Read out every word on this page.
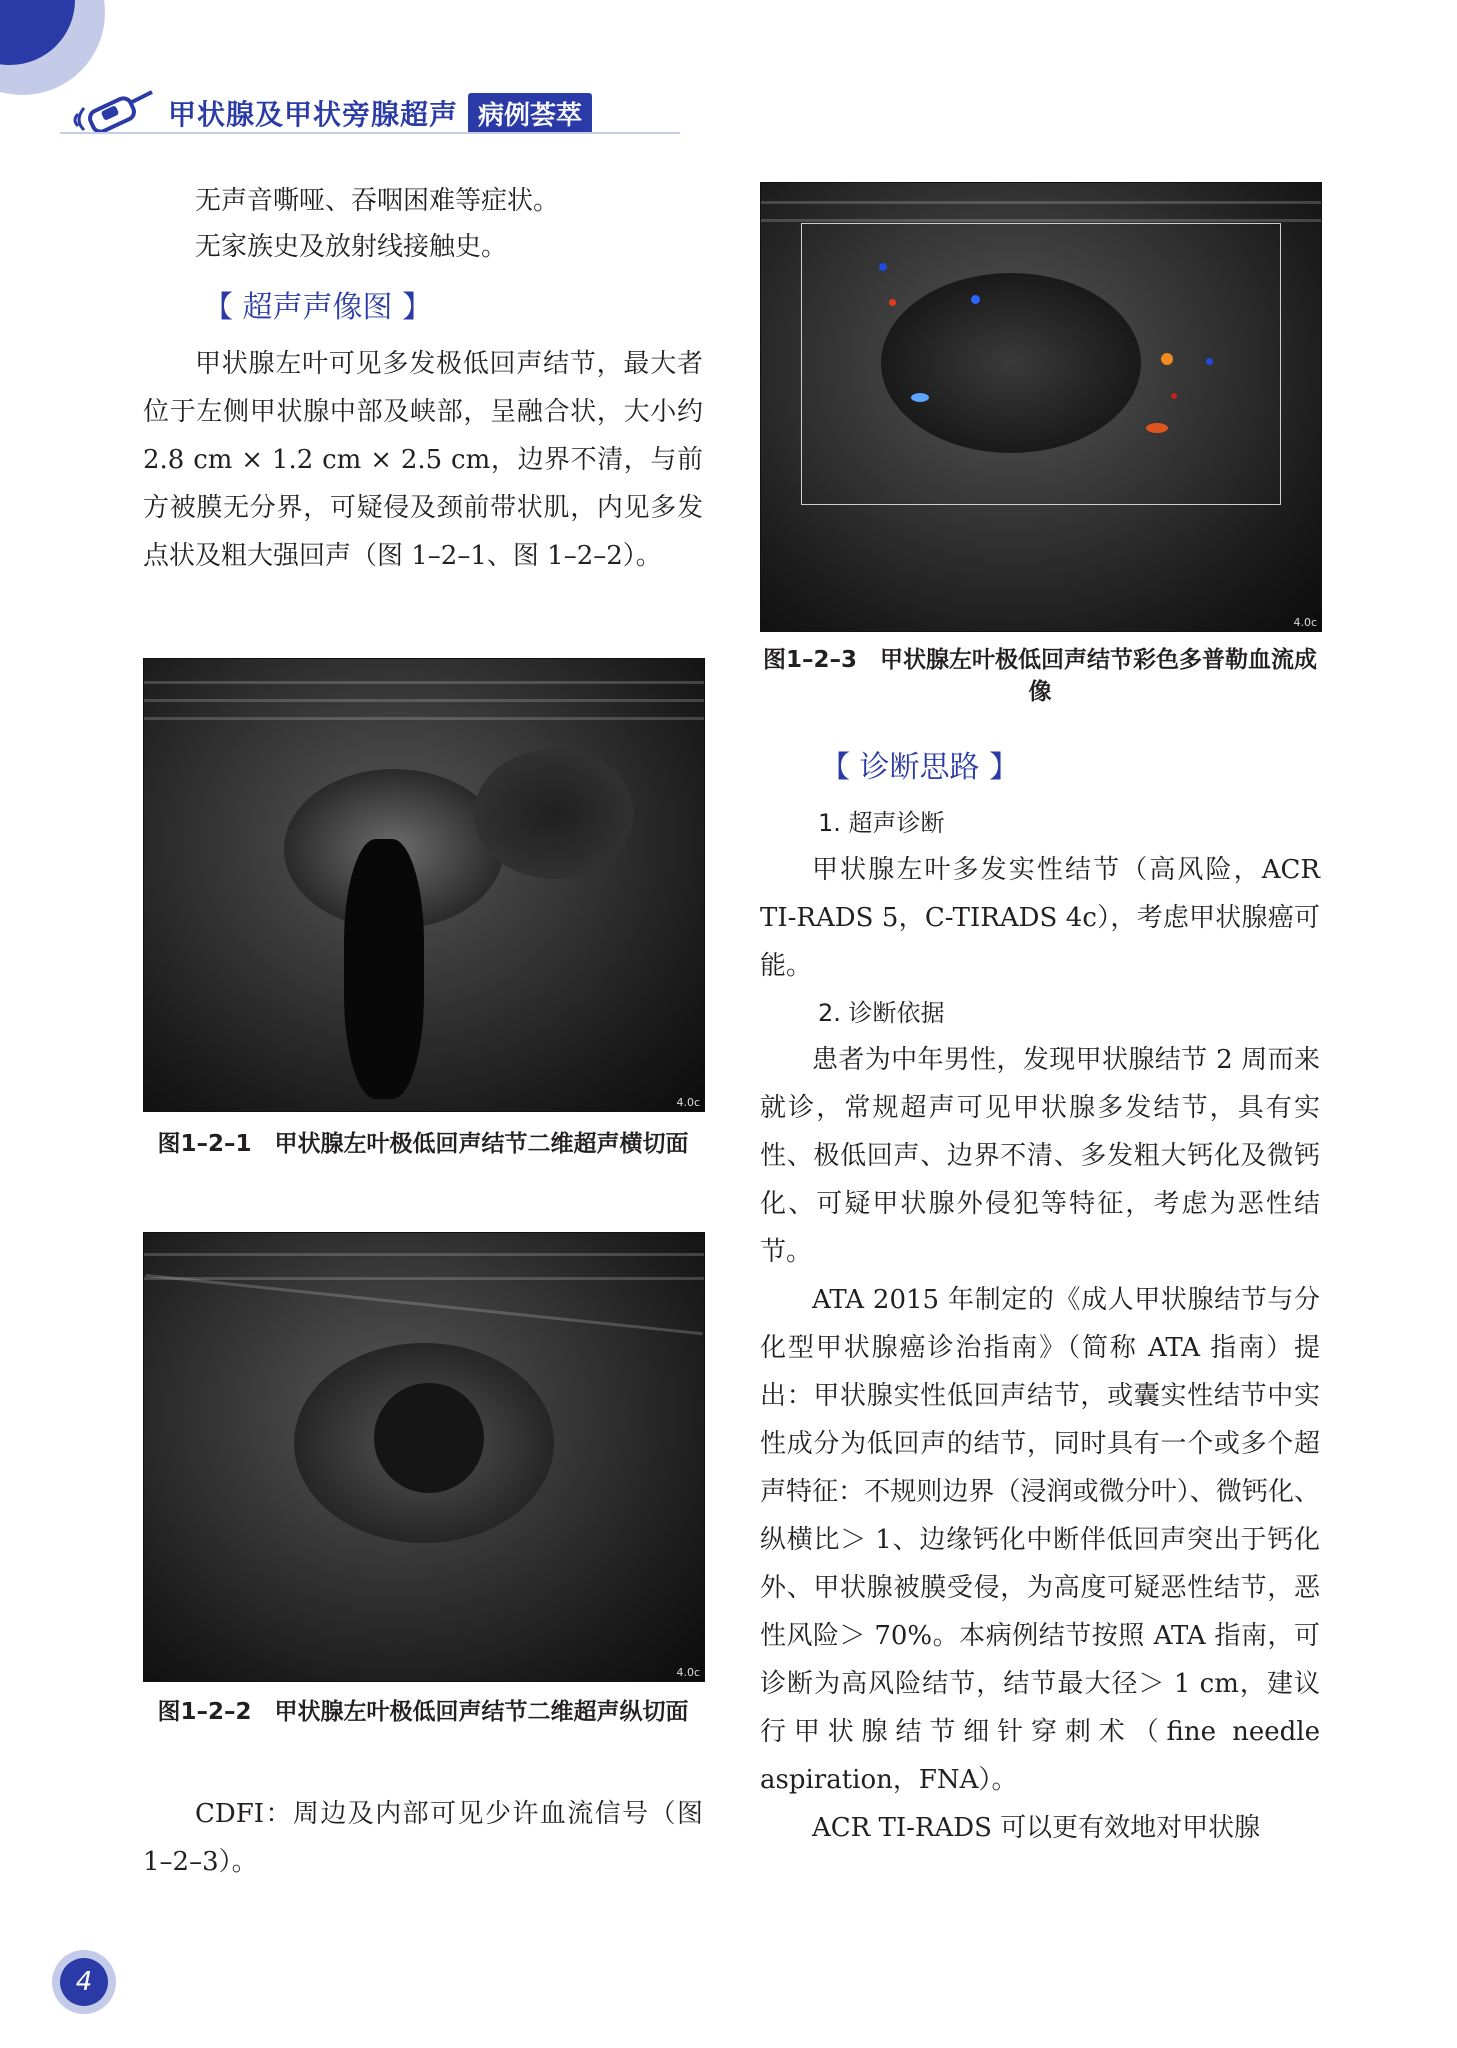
甲状腺及甲状旁腺超声 病例荟萃

无声音嘶哑、吞咽困难等症状。

无家族史及放射线接触史。

【 超声声像图 】

甲状腺左叶可见多发极低回声结节，最大者位于左侧甲状腺中部及峡部，呈融合状，大小约 2.8 cm × 1.2 cm × 2.5 cm，边界不清，与前方被膜无分界，可疑侵及颈前带状肌，内见多发点状及粗大强回声（图 1–2–1、图 1–2–2）。

4.0c
图1–2–1　甲状腺左叶极低回声结节二维超声横切面
4.0c
图1–2–2　甲状腺左叶极低回声结节二维超声纵切面

CDFI：周边及内部可见少许血流信号（图 1–2–3）。

4.0c
图1–2–3　甲状腺左叶极低回声结节彩色多普勒血流成像
【 诊断思路 】
1. 超声诊断

甲状腺左叶多发实性结节（高风险，ACR TI-RADS 5，C-TIRADS 4c），考虑甲状腺癌可能。

2. 诊断依据

患者为中年男性，发现甲状腺结节 2 周而来就诊，常规超声可见甲状腺多发结节，具有实性、极低回声、边界不清、多发粗大钙化及微钙化、可疑甲状腺外侵犯等特征，考虑为恶性结节。

ATA 2015 年制定的《成人甲状腺结节与分化型甲状腺癌诊治指南》（简称 ATA 指南）提出：甲状腺实性低回声结节，或囊实性结节中实性成分为低回声的结节，同时具有一个或多个超声特征：不规则边界（浸润或微分叶）、微钙化、纵横比＞ 1、边缘钙化中断伴低回声突出于钙化外、甲状腺被膜受侵，为高度可疑恶性结节，恶性风险＞ 70%。本病例结节按照 ATA 指南，可诊断为高风险结节，结节最大径＞ 1 cm，建议行甲状腺结节细针穿刺术（fine needle aspiration，FNA）。

ACR TI-RADS 可以更有效地对甲状腺

4
